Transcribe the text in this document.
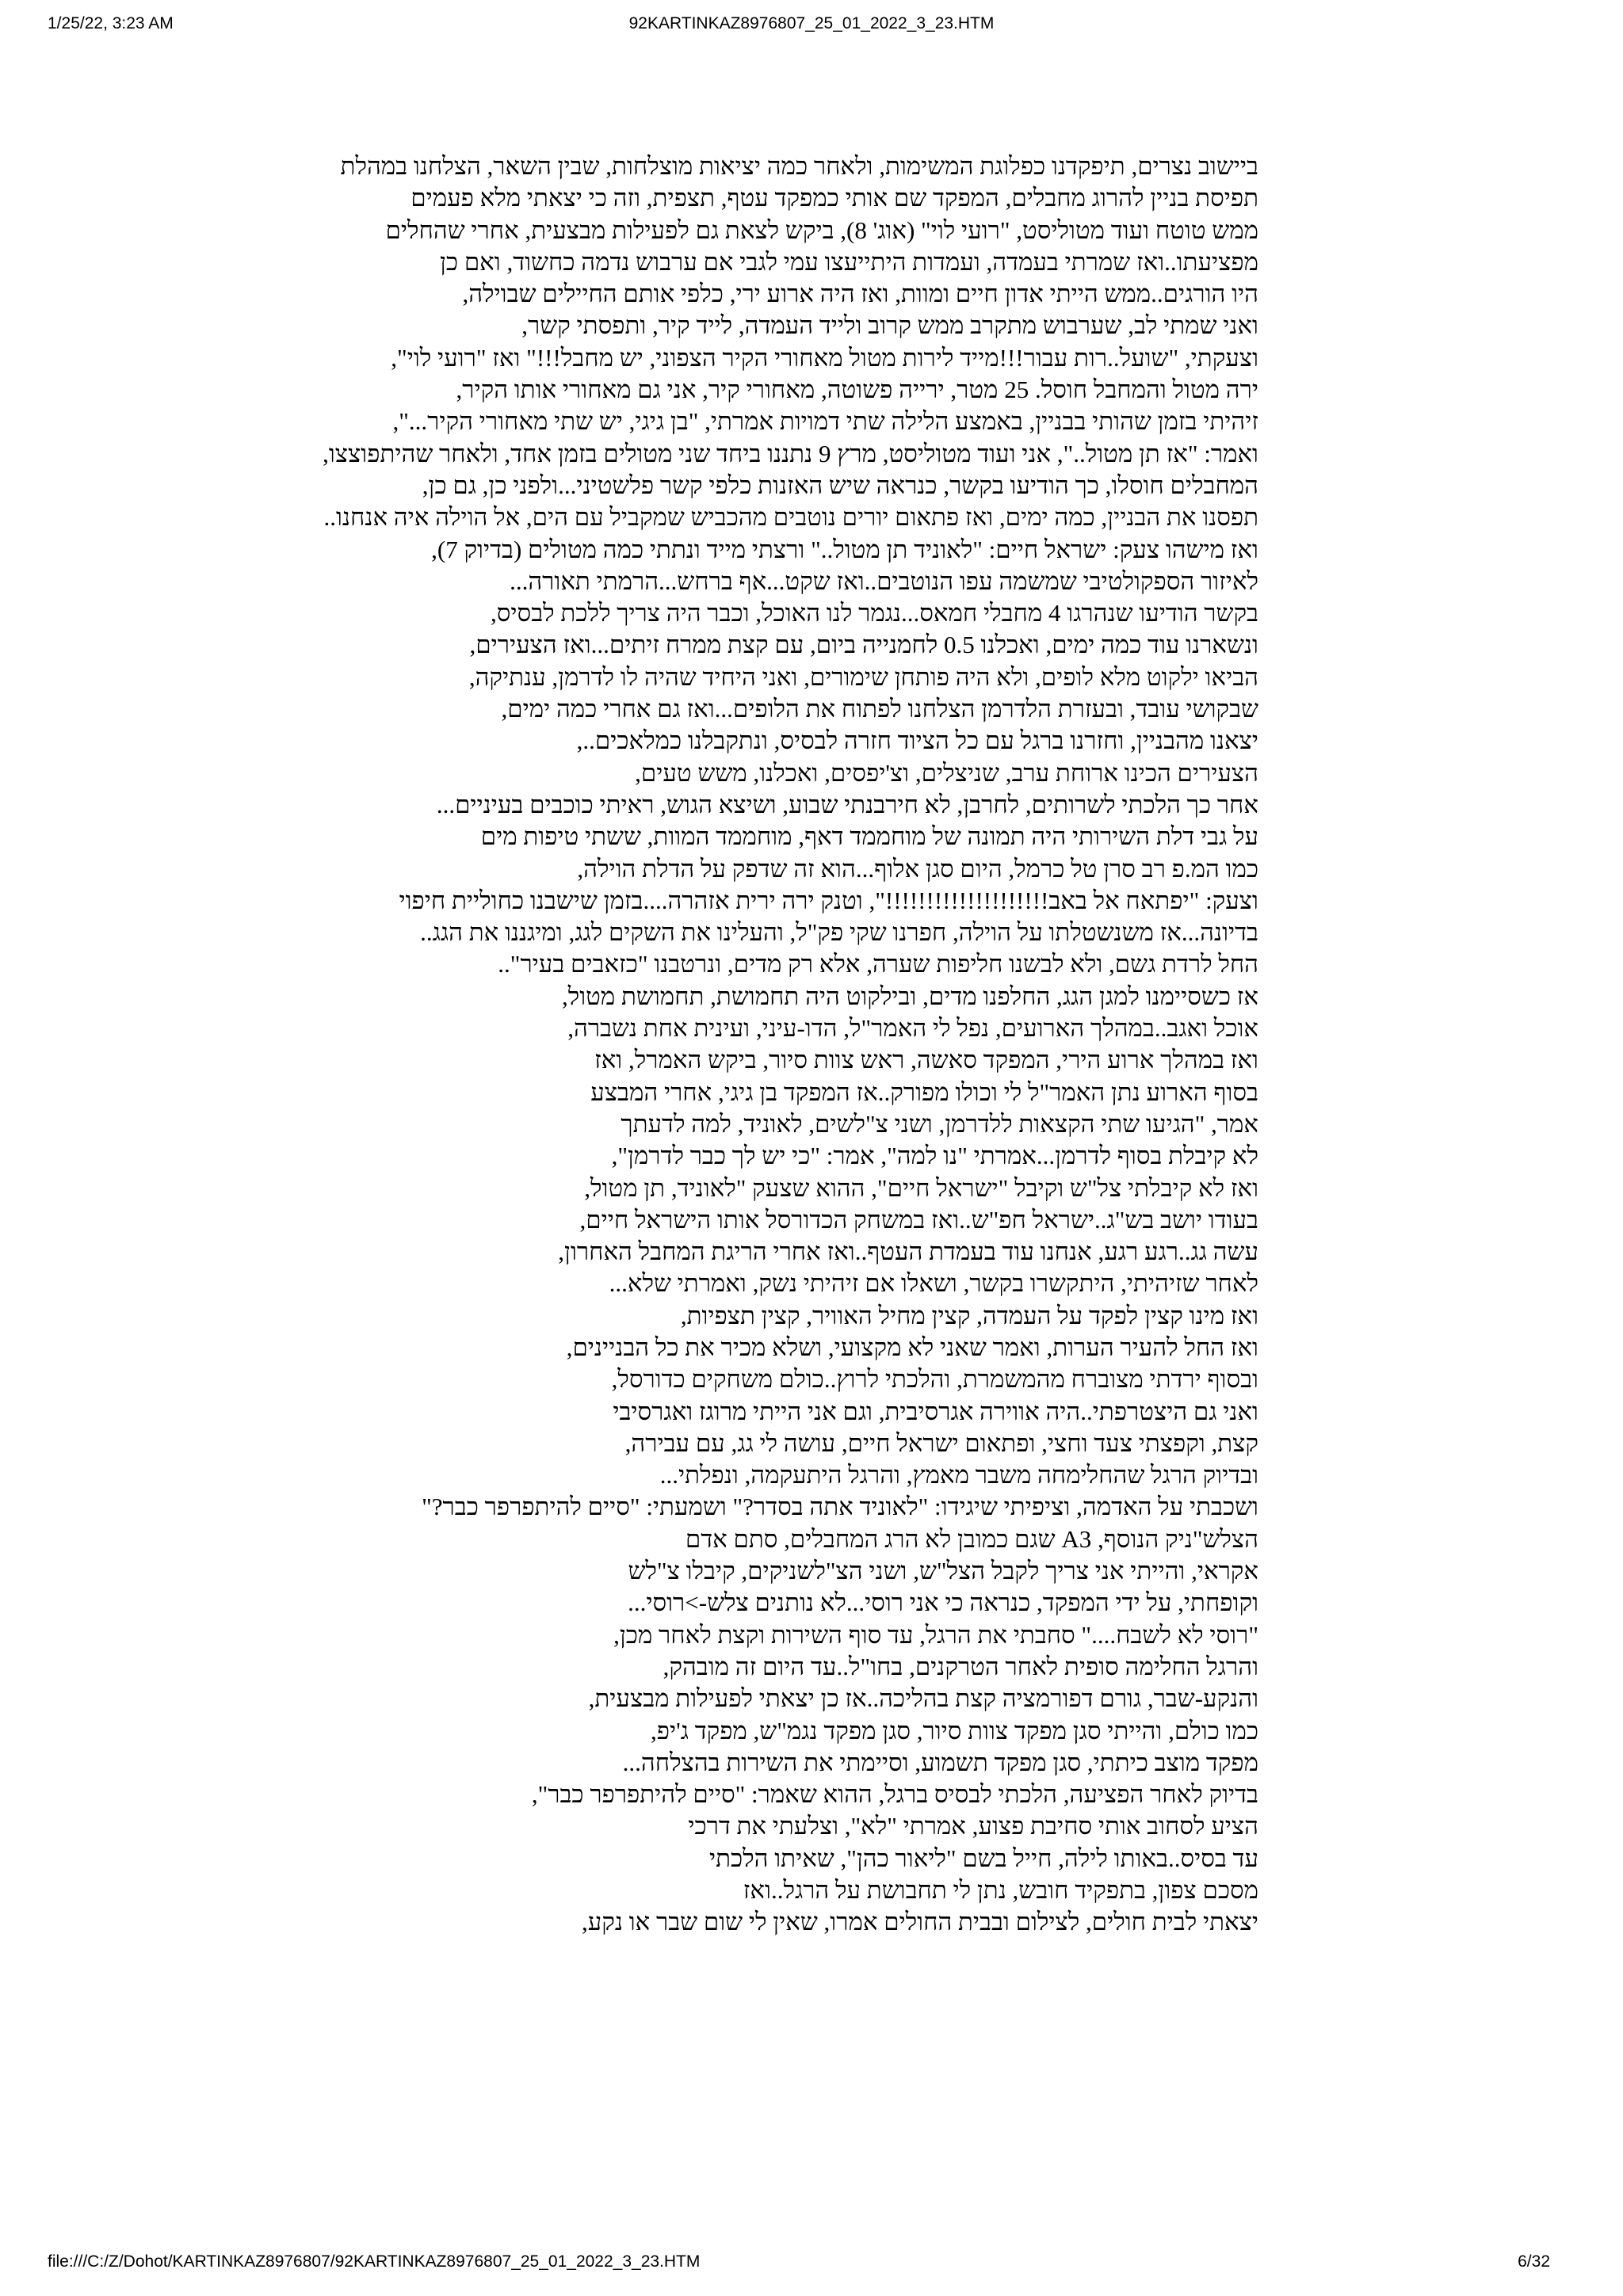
1/25/22, 3:23 AM	92KARTINKAZ8976807_25_01_2022_3_23.HTM
ביישוב נצרים, תיפקדנו כפלוגת המשימות, ולאחר כמה יציאות מוצלחות, שבין השאר, הצלחנו במהלת
תפיסת בניין להרוג מחבלים, המפקד שם אותי כמפקד עטף, תצפית, וזה כי יצאתי מלא פעמים
ממש טוטח ועוד מטוליסט, "רועי לוי" (אוג' 8), ביקש לצאת גם לפעילות מבצעית, אחרי שהחלים
מפציעתו..ואז שמרתי בעמדה, ועמדות היתייעצו עמי לגבי אם ערבוש נדמה כחשוד, ואם כן
היו הורגים..ממש הייתי אדון חיים ומוות, ואז היה ארוע ירי, כלפי אותם החיילים שבוילה,
ואני שמתי לב, שערבוש מתקרב ממש קרוב ולייד העמדה, לייד קיר, ותפסתי קשר,
וצעקתי, "שועל..רות עבור!!!מייד לירות מטול מאחורי הקיר הצפוני, יש מחבל!!!" ואז "רועי לוי",
ירה מטול והמחבל חוסל. 25 מטר, ירייה פשוטה, מאחורי קיר, אני גם מאחורי אותו הקיר,
זיהיתי בזמן שהותי בבניין, באמצע הלילה שתי דמויות אמרתי, "בן גיגי, יש שתי מאחורי הקיר...",
ואמר: "אז תן מטול..", אני ועוד מטוליסט, מרץ 9 נתננו ביחד שני מטולים בזמן אחד, ולאחר שהיתפוצצו,
המחבלים חוסלו, כך הודיעו בקשר, כנראה שיש האזנות כלפי קשר פלשטיני...ולפני כן, גם כן,
תפסנו את הבניין, כמה ימים, ואז פתאום יורים נוטבים מהכביש שמקביל עם הים, אל הוילה איה אנחנו..
ואז מישהו צעק: ישראל חיים: "לאוניד תן מטול.." ורצתי מייד ונתתי כמה מטולים (בדיוק 7),
לאיזור הספקולטיבי שמשמה עפו הנוטבים..ואז שקט...אף ברחש...הרמתי תאורה...
בקשר הודיעו שנהרגו 4 מחבלי חמאס...נגמר לנו האוכל, וכבר היה צריך ללכת לבסיס,
ונשארנו עוד כמה ימים, ואכלנו 0.5 לחמנייה ביום, עם קצת ממרח זיתים...ואז הצעירים,
הביאו ילקוט מלא לופים, ולא היה פותחן שימורים, ואני היחיד שהיה לו לדרמן, ענתיקה,
שבקושי עובד, ובעזרת הלדרמן הצלחנו לפתוח את הלופים...ואז גם אחרי כמה ימים,
יצאנו מהבניין, וחזרנו ברגל עם כל הציוד חזרה לבסיס, ונתקבלנו כמלאכים..,
הצעירים הכינו ארוחת ערב, שניצלים, וצ'יפסים, ואכלנו, משש טעים,
אחר כך הלכתי לשרותים, לחרבן, לא חירבנתי שבוע, ושיצא הגוש, ראיתי כוכבים בעיניים...
על גבי דלת השירותי היה תמונה של מוחממד דאף, מוחממד המוות, ששתי טיפות מים
כמו המ.פ רב סרן טל כרמל, היום סגן אלוף...הוא זה שדפק על הדלת הוילה,
וצעק: "יפתאח אל באב!!!!!!!!!!!!!!!!!!!!", וטנק ירה ירית אזהרה....בזמן שישבנו כחוליית חיפוי
בדיונה...אז משנשטלתו על הוילה, חפרנו שקי פק"ל, והעלינו את השקים לגג, ומיגננו את הגג..
החל לרדת גשם, ולא לבשנו חליפות שערה, אלא רק מדים, ונרטבנו "כזאבים בעיר"..
אז כשסיימנו למגן הגג, החלפנו מדים, ובילקוט היה תחמושת, תחמושת מטול,
אוכל ואגב..במהלך הארועים, נפל לי האמר"ל, הדו-עיני, ועינית אחת נשברה,
ואז במהלך ארוע הירי, המפקד סאשה, ראש צוות סיור, ביקש האמרל, ואז
בסוף הארוע נתן האמר"ל לי וכולו מפורק..אז המפקד בן גיגי, אחרי המבצע
אמר, "הגיעו שתי הקצאות ללדרמן, ושני צ"לשים, לאוניד, למה לדעתך
לא קיבלת בסוף לדרמן...אמרתי "נו למה", אמר: "כי יש לך כבר לדרמן",
ואז לא קיבלתי צל"ש וקיבל "ישראל חיים", ההוא שצעק "לאוניד, תן מטול,
בעודו יושב בש"ג..ישראל חפ"ש..ואז במשחק הכדורסל אותו הישראל חיים,
עשה גג..רגע רגע, אנחנו עוד בעמדת העטף..ואז אחרי הריגת המחבל האחרון,
לאחר שזיהיתי, היתקשרו בקשר, ושאלו אם זיהיתי נשק, ואמרתי שלא...
ואז מינו קצין לפקד על העמדה, קצין מחיל האוויר, קצין תצפיות,
ואז החל להעיר הערות, ואמר שאני לא מקצועי, ושלא מכיר את כל הבניינים,
ובסוף ירדתי מצוברח מהמשמרת, והלכתי לרוץ..כולם משחקים כדורסל,
ואני גם היצטרפתי..היה אווירה אגרסיבית, וגם אני הייתי מרוגז ואגרסיבי
קצת, וקפצתי צעד וחצי, ופתאום ישראל חיים, עושה לי גג, עם עבירה,
ובדיוק הרגל שהחלימחה משבר מאמץ, והרגל היתעקמה, ונפלתי...
ושכבתי על האדמה, וציפיתי שיגידו: "לאוניד אתה בסדר?" ושמעתי: "סיים להיתפרפר כבר?"
הצלש"ניק הנוסף, A3 שגם כמובן לא הרג המחבלים, סתם אדם
אקראי, והייתי אני צריך לקבל הצל"ש, ושני הצ"לשניקים, קיבלו צ"לש
וקופחתי, על ידי המפקד, כנראה כי אני רוסי...לא נותנים צלש->רוסי...
"רוסי לא לשבח...." סחבתי את הרגל, עד סוף השירות וקצת לאחר מכן,
והרגל החלימה סופית לאחר הטרקנים, בחו"ל..עד היום זה מובהק,
והנקע-שבר, גורם דפורמציה קצת בהליכה..אז כן יצאתי לפעילות מבצעית,
כמו כולם, והייתי סגן מפקד צוות סיור, סגן מפקד נגמ"ש, מפקד ג'יפ,
מפקד מוצב כיתתי, סגן מפקד תשמוע, וסיימתי את השירות בהצלחה...
בדיוק לאחר הפציעה, הלכתי לבסיס ברגל, ההוא שאמר: "סיים להיתפרפר כבר",
הציע לסחוב אותי סחיבת פצוע, אמרתי "לא", וצלעתי את דרכי
עד בסיס..באותו לילה, חייל בשם "ליאור כהן", שאיתו הלכתי
מסכם צפון, בתפקיד חובש, נתן לי תחבושת על הרגל..ואז
יצאתי לבית חולים, לצילום ובבית החולים אמרו, שאין לי שום שבר או נקע,
file:///C:/Z/Dohot/KARTINKAZ8976807/92KARTINKAZ8976807_25_01_2022_3_23.HTM	6/32
